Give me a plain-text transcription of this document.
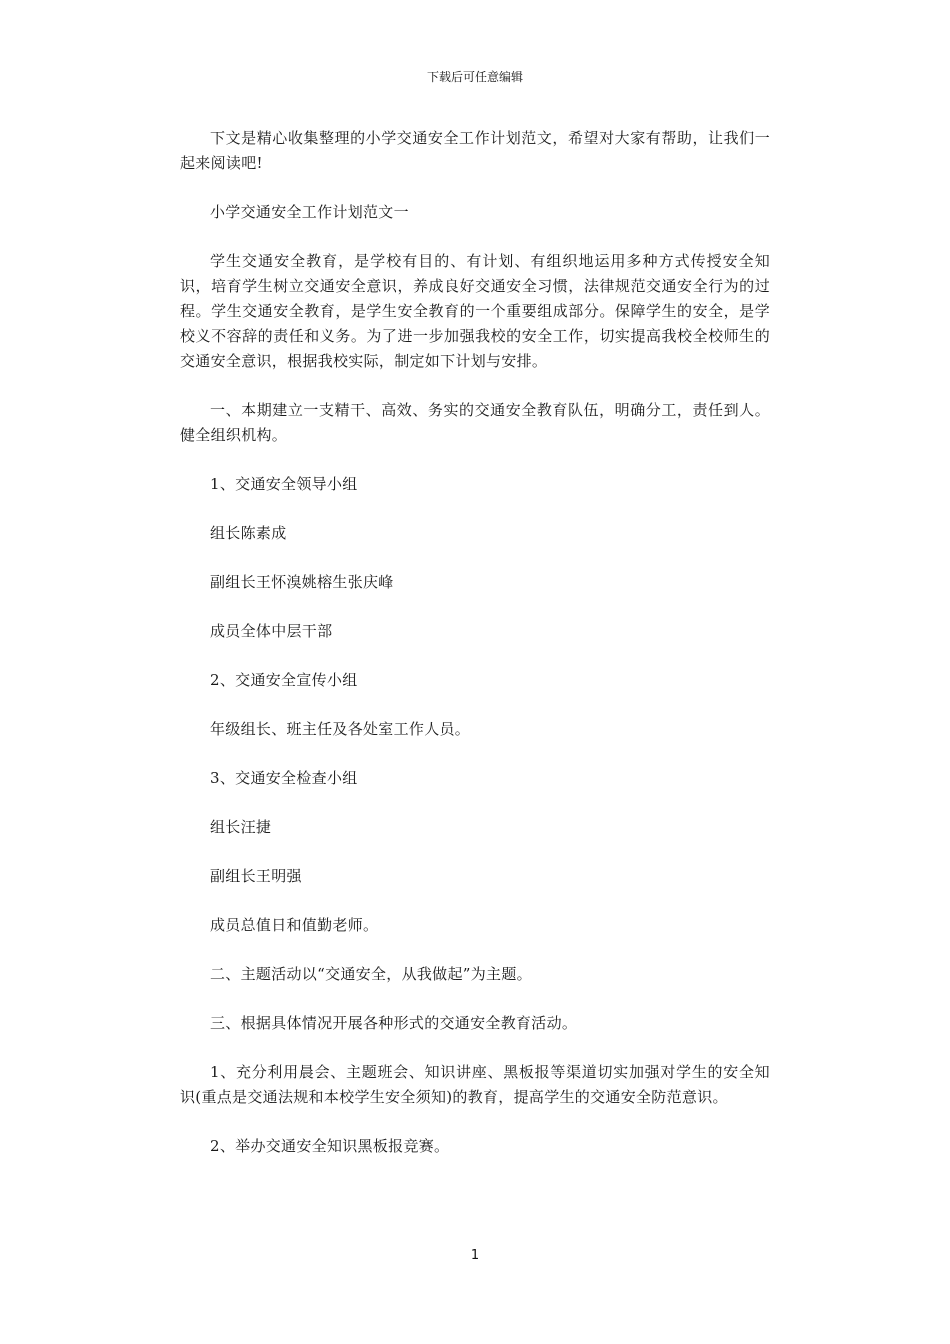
下载后可任意编辑

下文是精心收集整理的小学交通安全工作计划范文，希望对大家有帮助，让我们一起来阅读吧!

小学交通安全工作计划范文一

学生交通安全教育，是学校有目的、有计划、有组织地运用多种方式传授安全知识，培育学生树立交通安全意识，养成良好交通安全习惯，法律规范交通安全行为的过程。学生交通安全教育，是学生安全教育的一个重要组成部分。保障学生的安全，是学校义不容辞的责任和义务。为了进一步加强我校的安全工作，切实提高我校全校师生的交通安全意识，根据我校实际，制定如下计划与安排。

一、本期建立一支精干、高效、务实的交通安全教育队伍，明确分工，责任到人。健全组织机构。

1、交通安全领导小组

组长陈素成

副组长王怀溴姚榕生张庆峰

成员全体中层干部

2、交通安全宣传小组

年级组长、班主任及各处室工作人员。

3、交通安全检查小组

组长汪捷

副组长王明强

成员总值日和值勤老师。

二、主题活动以“交通安全，从我做起”为主题。

三、根据具体情况开展各种形式的交通安全教育活动。

1、充分利用晨会、主题班会、知识讲座、黑板报等渠道切实加强对学生的安全知识(重点是交通法规和本校学生安全须知)的教育，提高学生的交通安全防范意识。

2、举办交通安全知识黑板报竞赛。

1
